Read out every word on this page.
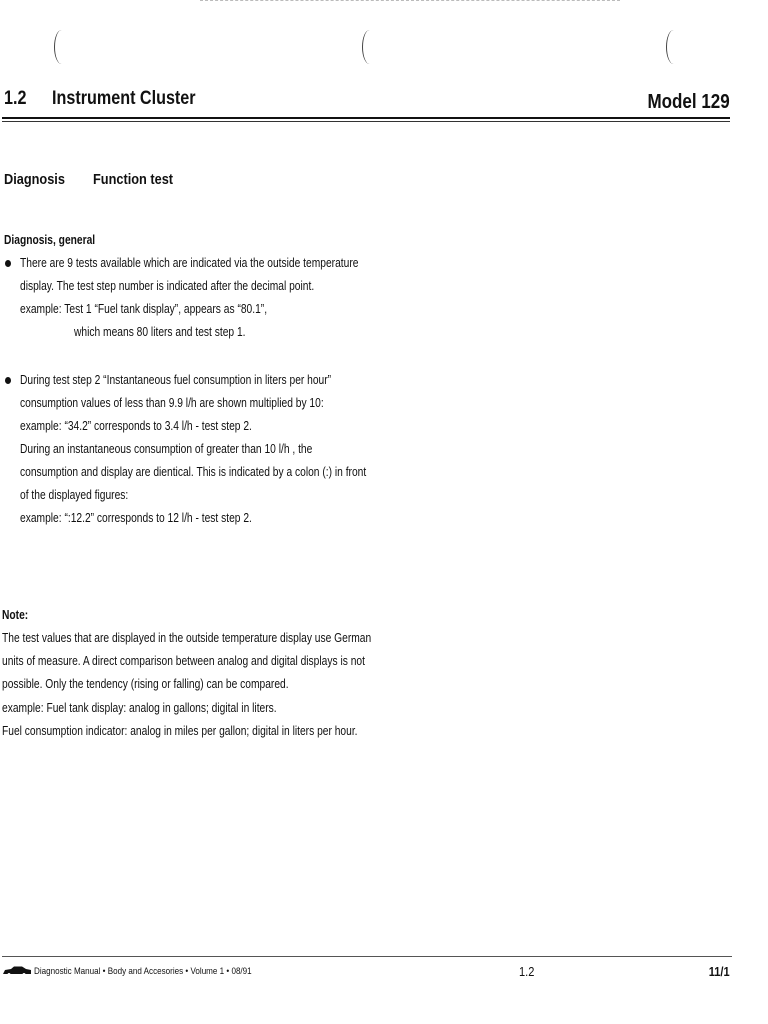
1.2 Instrument Cluster	Model 129
Diagnosis Function test
Diagnosis, general
There are 9 tests available which are indicated via the outside temperature
display. The test step number is indicated after the decimal point.
example: Test 1 “Fuel tank display”, appears as “80.1”,
which means 80 liters and test step 1.
During test step 2 “Instantaneous fuel consumption in liters per hour”
consumption values of less than 9.9 l/h are shown multiplied by 10:
example: “34.2” corresponds to 3.4 l/h - test step 2.
During an instantaneous consumption of greater than 10 l/h , the
consumption and display are dientical. This is indicated by a colon (:) in front
of the displayed figures:
example: “:12.2” corresponds to 12 l/h - test step 2.
Note:
The test values that are displayed in the outside temperature display use German
units of measure. A direct comparison between analog and digital displays is not
possible. Only the tendency (rising or falling) can be compared.
example: Fuel tank display: analog in gallons; digital in liters.
Fuel consumption indicator: analog in miles per gallon; digital in liters per hour.
Diagnostic Manual • Body and Accesories • Volume 1 • 08/91	1.2	11/1
